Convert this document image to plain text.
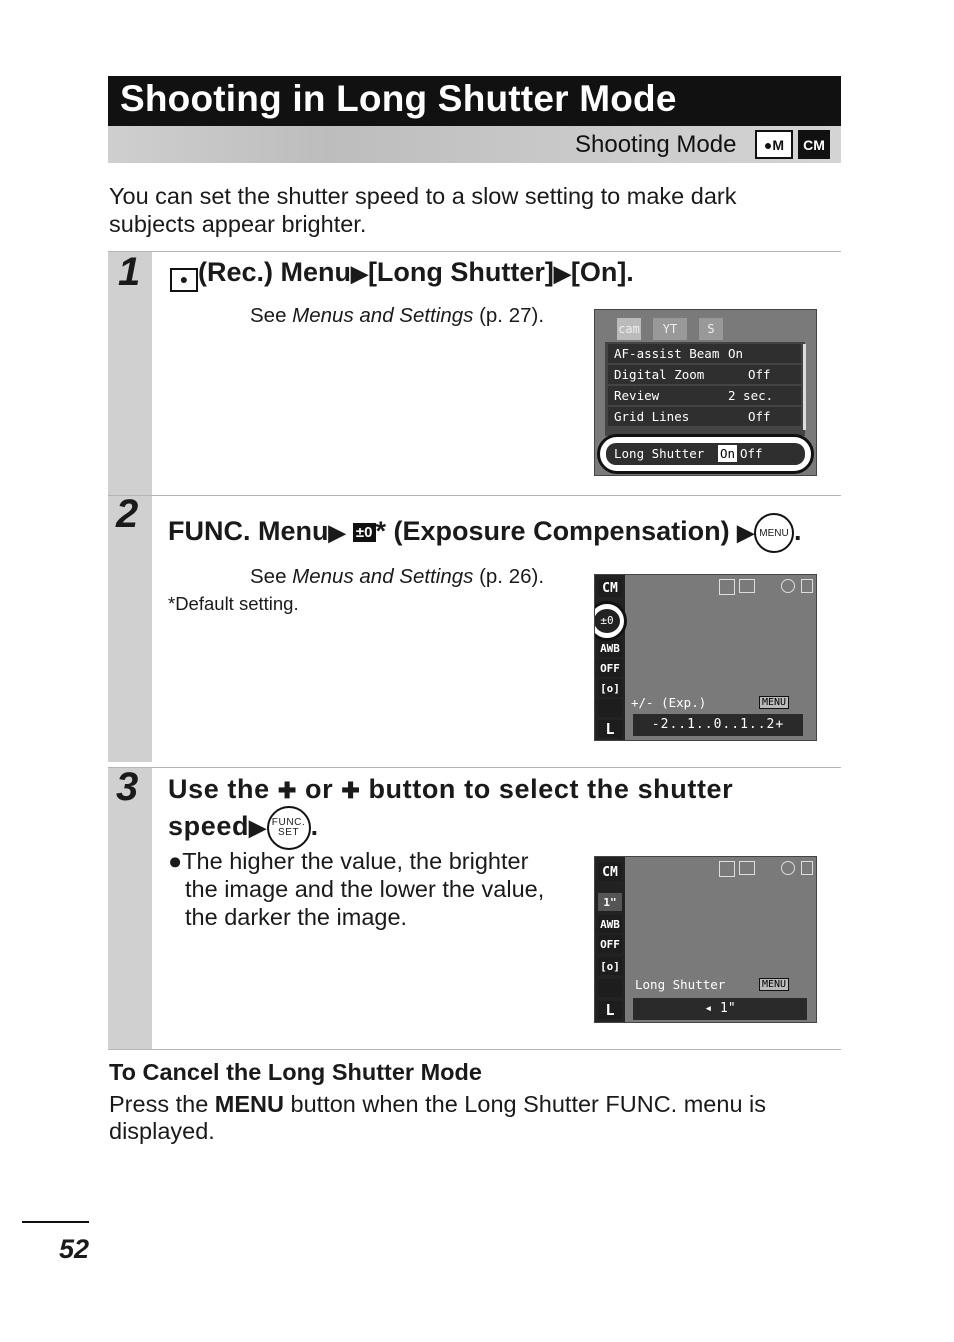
Shooting in Long Shutter Mode
Shooting Mode ● M	CM
You can set the shutter speed to a slow setting to make dark subjects appear brighter.
1	● (Rec.) Menu▶[Long Shutter]▶[On].
See Menus and Settings (p. 27).
cam	YT	S
AF-assist Beam On
Digital Zoom	Off
Review	2 sec.
Grid Lines	Off
Long Shutter On Off
2 FUNC. Menu▶ ±0 * (Exposure Compensation) ▶ MENU .
See Menus and Settings (p. 26).
*Default setting.
CM
AWB
OFF
[o]
L
±0
+/- (Exp.)	MENU
-2..1..0..1..2+
3 Use the ✚ or ✚ button to select the shutter
speed▶ FUNC.
SET .
●The higher the value, the brighter
the image and the lower the value,
the darker the image.
CM
1"
AWB
OFF
[o]
L
Long Shutter	MENU
◂ 1"
To Cancel the Long Shutter Mode
Press the MENU button when the Long Shutter FUNC. menu is
displayed.
52
